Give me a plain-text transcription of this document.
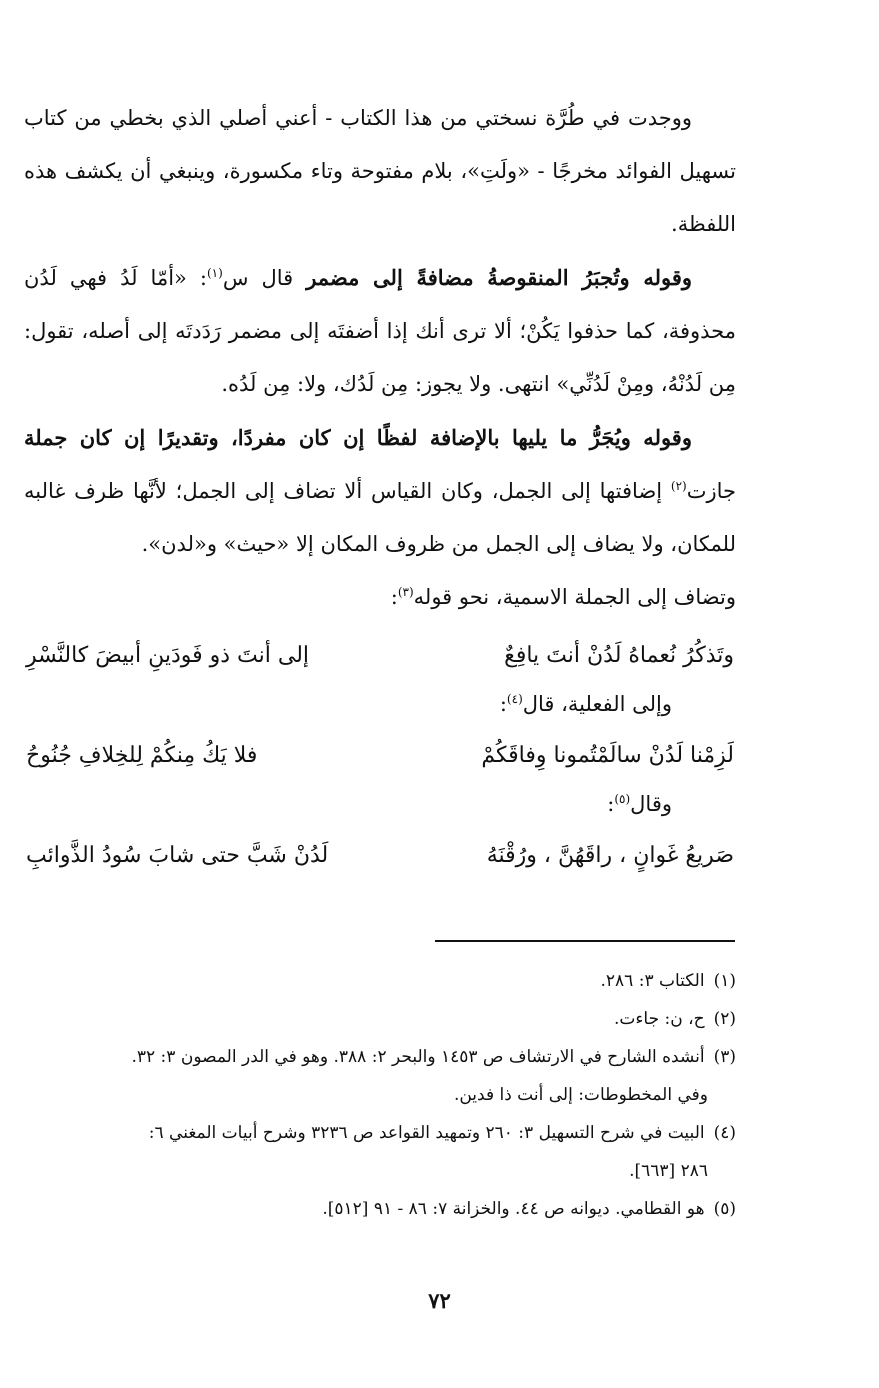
ووجدت في طُرَّة نسختي من هذا الكتاب - أعني أصلي الذي بخطي من كتاب تسهيل الفوائد مخرجًا - «ولَتِ»، بلام مفتوحة وتاء مكسورة، وينبغي أن يكشف هذه اللفظة.

وقوله وتُجبَرُ المنقوصةُ مضافةً إلى مضمر قال س$^{(١)}$: «أمّا لَدُ فهي لَدُن محذوفة، كما حذفوا يَكُنْ؛ ألا ترى أنك إذا أضفتَه إلى مضمر رَدَدتَه إلى أصله، تقول: مِن لَدُنْهُ، ومِنْ لَدُنِّي» انتهى. ولا يجوز: مِن لَدُك، ولا: مِن لَدُه.

وقوله ويُجَرُّ ما يليها بالإضافة لفظًا إن كان مفردًا، وتقديرًا إن كان جملة جازت$^{(٢)}$ إضافتها إلى الجمل، وكان القياس ألا تضاف إلى الجمل؛ لأنَّها ظرف غالبه للمكان، ولا يضاف إلى الجمل من ظروف المكان إلا «حيث» و«لدن».

وتضاف إلى الجملة الاسمية، نحو قوله$^{(٣)}$:

وتَذكُرُ نُعماهُ لَدُنْ أنتَ يافِعٌ
إلى أنتَ ذو فَودَينِ أبيضَ كالنَّسْرِ

وإلى الفعلية، قال$^{(٤)}$:

لَزِمْنا لَدُنْ سالَمْتُمونا وِفاقَكُمْ
فلا يَكُ مِنكُمْ لِلخِلافِ جُنُوحُ

وقال$^{(٥)}$:

صَريعُ غَوانٍ ، راقَهُنَّ ، ورُقْنَهُ
لَدُنْ شَبَّ حتى شابَ سُودُ الذَّوائبِ

(١) الكتاب ٣: ٢٨٦.

(٢) ح، ن: جاءت.

(٣) أنشده الشارح في الارتشاف ص ١٤٥٣ والبحر ٢: ٣٨٨. وهو في الدر المصون ٣: ٣٢.

وفي المخطوطات: إلى أنت ذا فدين.

(٤) البيت في شرح التسهيل ٣: ٢٦٠ وتمهيد القواعد ص ٣٢٣٦ وشرح أبيات المغني ٦:

٢٨٦ [٦٦٣].

(٥) هو القطامي. ديوانه ص ٤٤. والخزانة ٧: ٨٦ - ٩١ [٥١٢].

٧٢
